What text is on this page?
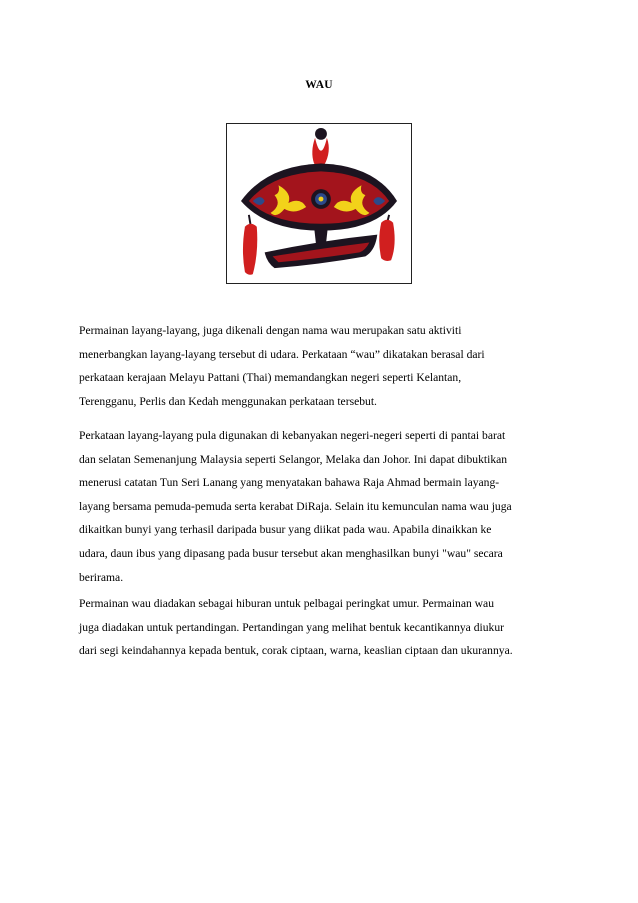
WAU
Permainan layang-layang, juga dikenali dengan nama wau merupakan satu aktiviti
menerbangkan layang-layang tersebut di udara. Perkataan “wau” dikatakan berasal dari
perkataan kerajaan Melayu Pattani (Thai) memandangkan negeri seperti Kelantan,
Terengganu, Perlis dan Kedah menggunakan perkataan tersebut.
Perkataan layang-layang pula digunakan di kebanyakan negeri-negeri seperti di pantai barat
dan selatan Semenanjung Malaysia seperti Selangor, Melaka dan Johor. Ini dapat dibuktikan
menerusi catatan Tun Seri Lanang yang menyatakan bahawa Raja Ahmad bermain layang-
layang bersama pemuda-pemuda serta kerabat DiRaja. Selain itu kemunculan nama wau juga
dikaitkan bunyi yang terhasil daripada busur yang diikat pada wau. Apabila dinaikkan ke
udara, daun ibus yang dipasang pada busur tersebut akan menghasilkan bunyi "wau" secara
berirama.
Permainan wau diadakan sebagai hiburan untuk pelbagai peringkat umur. Permainan wau
juga diadakan untuk pertandingan. Pertandingan yang melihat bentuk kecantikannya diukur
dari segi keindahannya kepada bentuk, corak ciptaan, warna, keaslian ciptaan dan ukurannya.
